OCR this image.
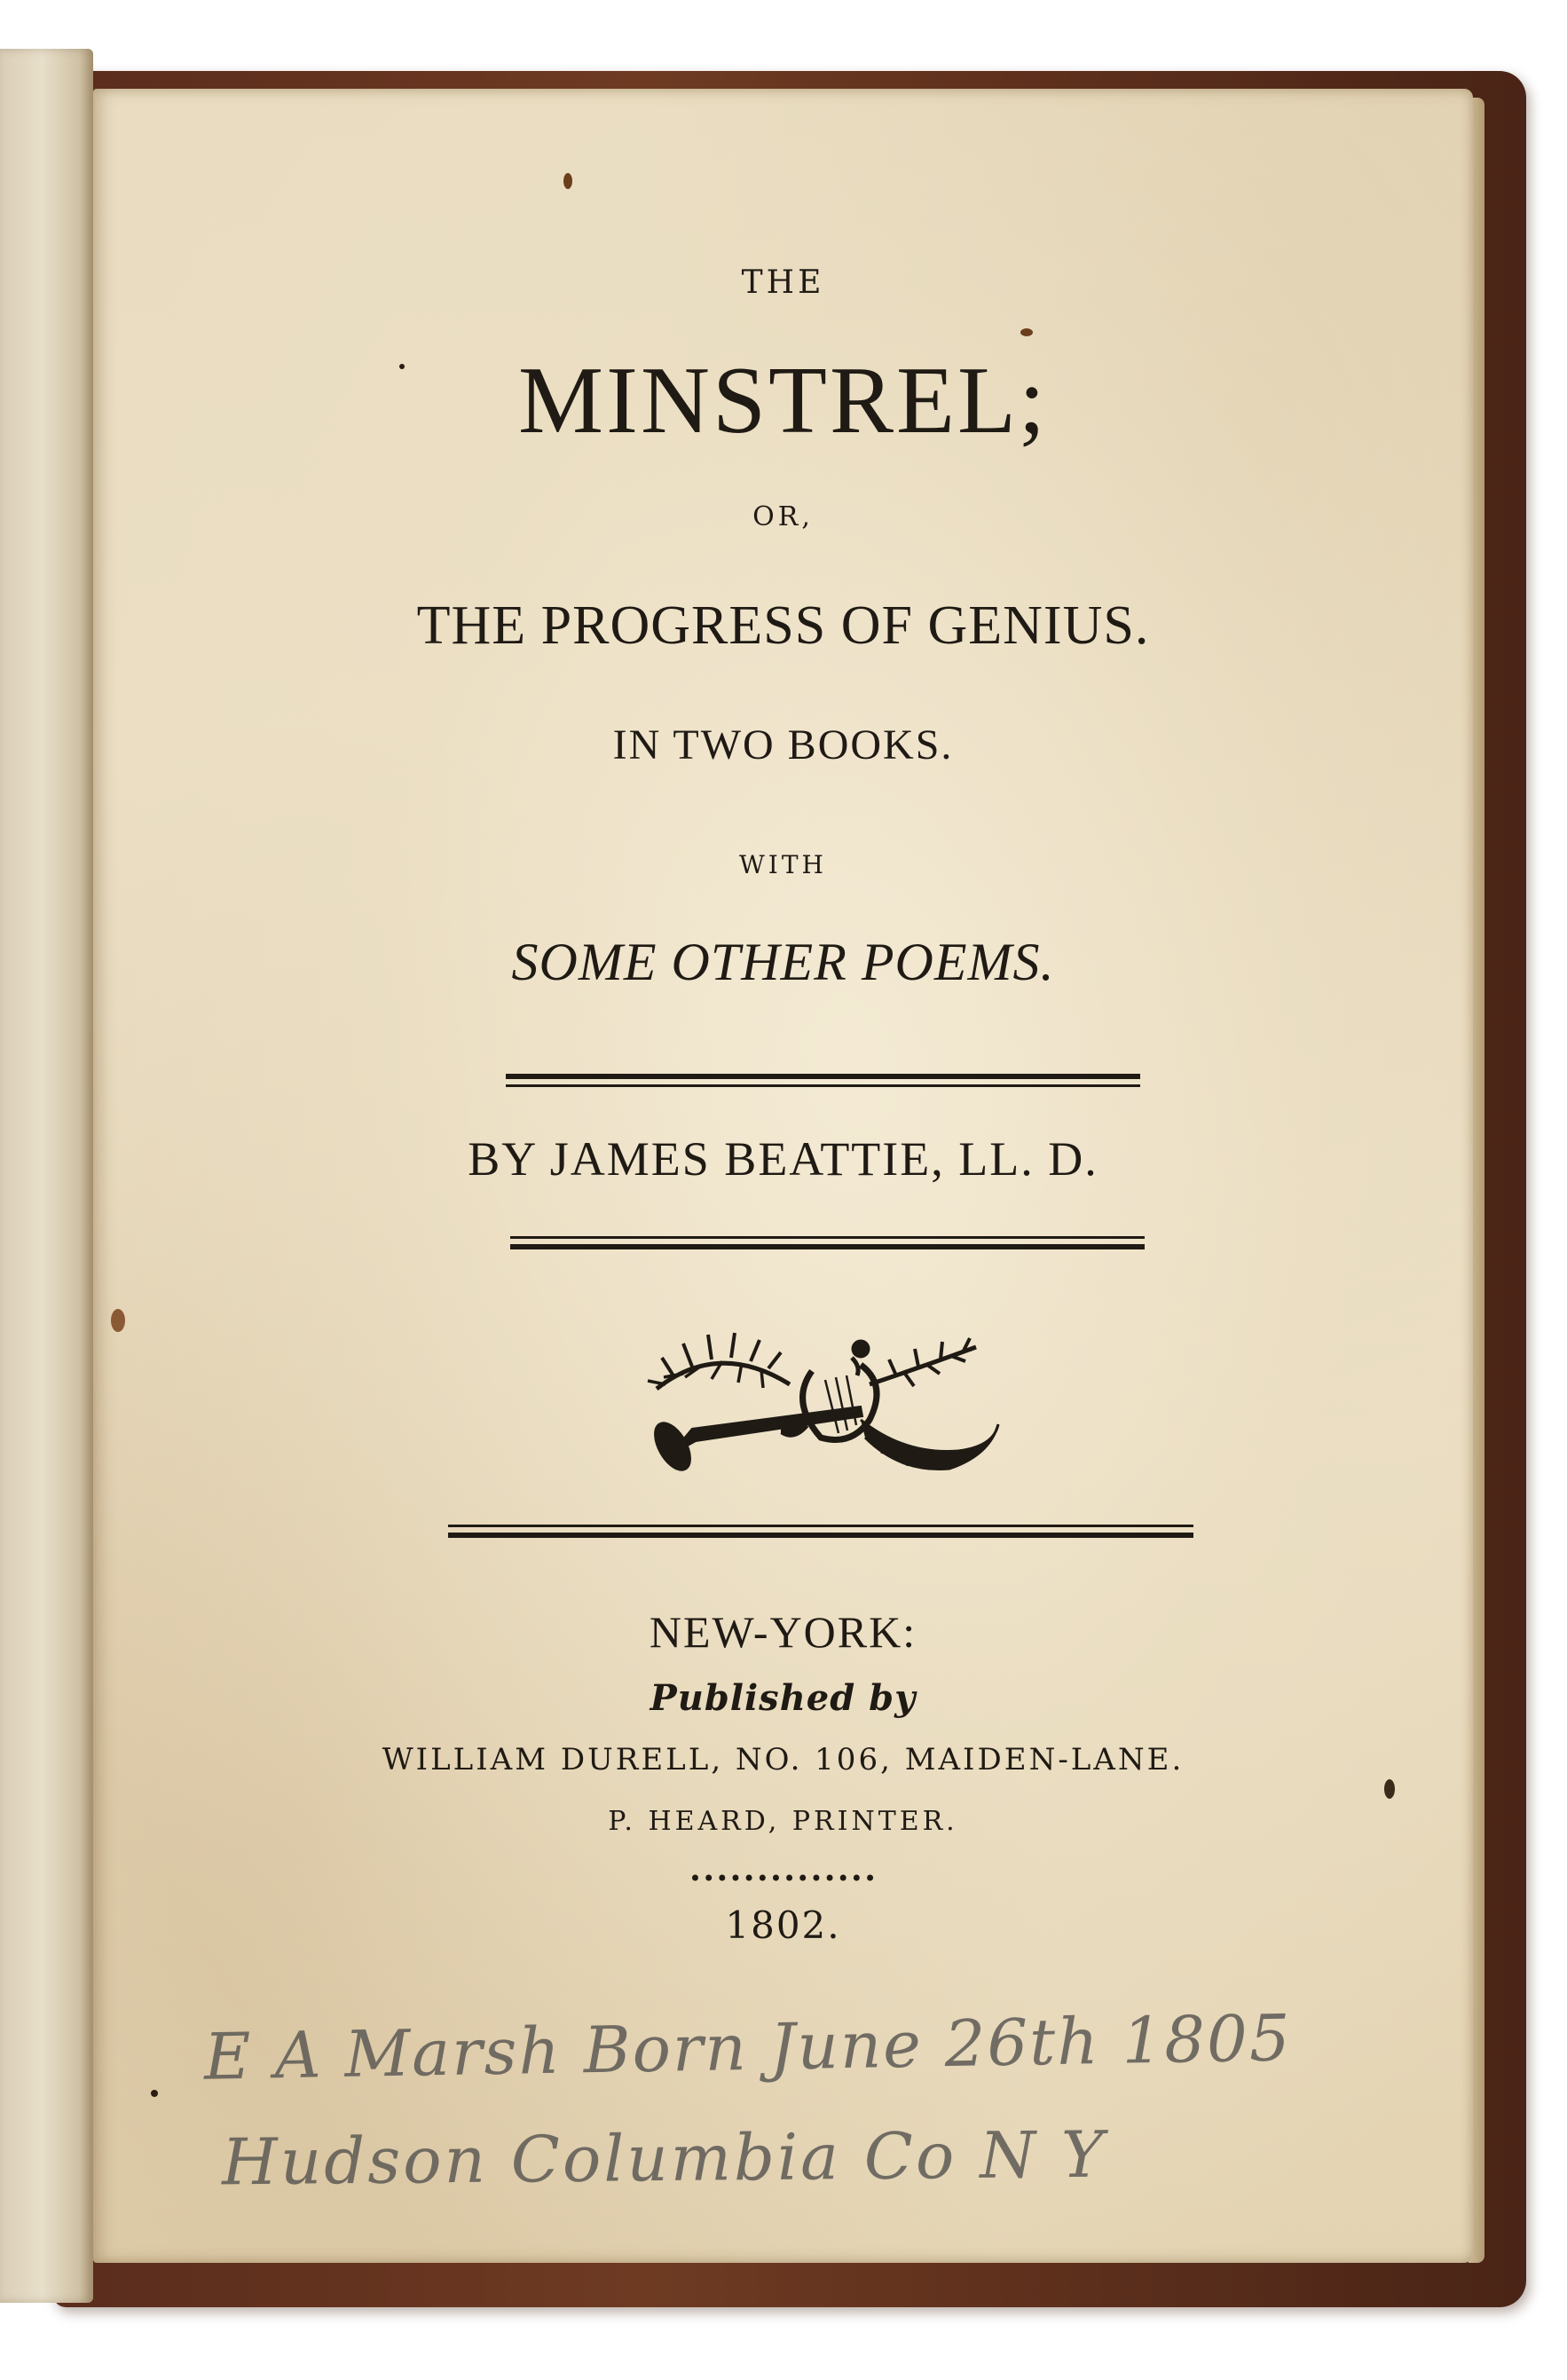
THE

MINSTREL;

OR,

THE PROGRESS OF GENIUS.

IN TWO BOOKS.

WITH

SOME OTHER POEMS.

BY JAMES BEATTIE, LL. D.

NEW-YORK:

Published by

WILLIAM DURELL, NO. 106, MAIDEN-LANE.

P. HEARD, PRINTER.

••••••••••••••

1802.

E A Marsh Born June 26th 1805

Hudson Columbia Co N Y
